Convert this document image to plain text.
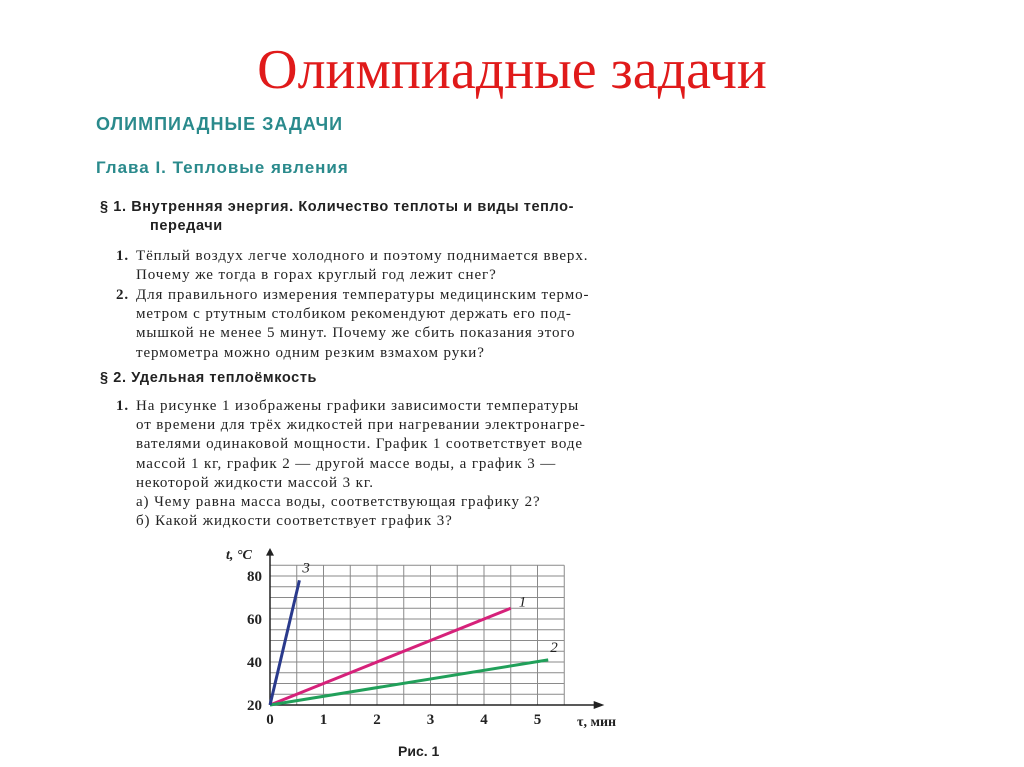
Олимпиадные задачи
ОЛИМПИАДНЫЕ ЗАДАЧИ
Глава I. Тепловые явления
§ 1. Внутренняя энергия. Количество теплоты и виды тепло-
передачи
1. Тёплый воздух легче холодного и поэтому поднимается вверх.
Почему же тогда в горах круглый год лежит снег?
2. Для правильного измерения температуры медицинским термо-
метром с ртутным столбиком рекомендуют держать его под-
мышкой не менее 5 минут. Почему же сбить показания этого
термометра можно одним резким взмахом руки?
§ 2. Удельная теплоёмкость
1. На рисунке 1 изображены графики зависимости температуры
от времени для трёх жидкостей при нагревании электронагре-
вателями одинаковой мощности. График 1 соответствует воде
массой 1 кг, график 2 — другой массе воды, а график 3 —
некоторой жидкости массой 3 кг.
а) Чему равна масса воды, соответствующая графику 2?
б) Какой жидкости соответствует график 3?
0	1	2	3	4	5
20
40
60
80
τ, мин
t, °C
1
2
3
Рис. 1
